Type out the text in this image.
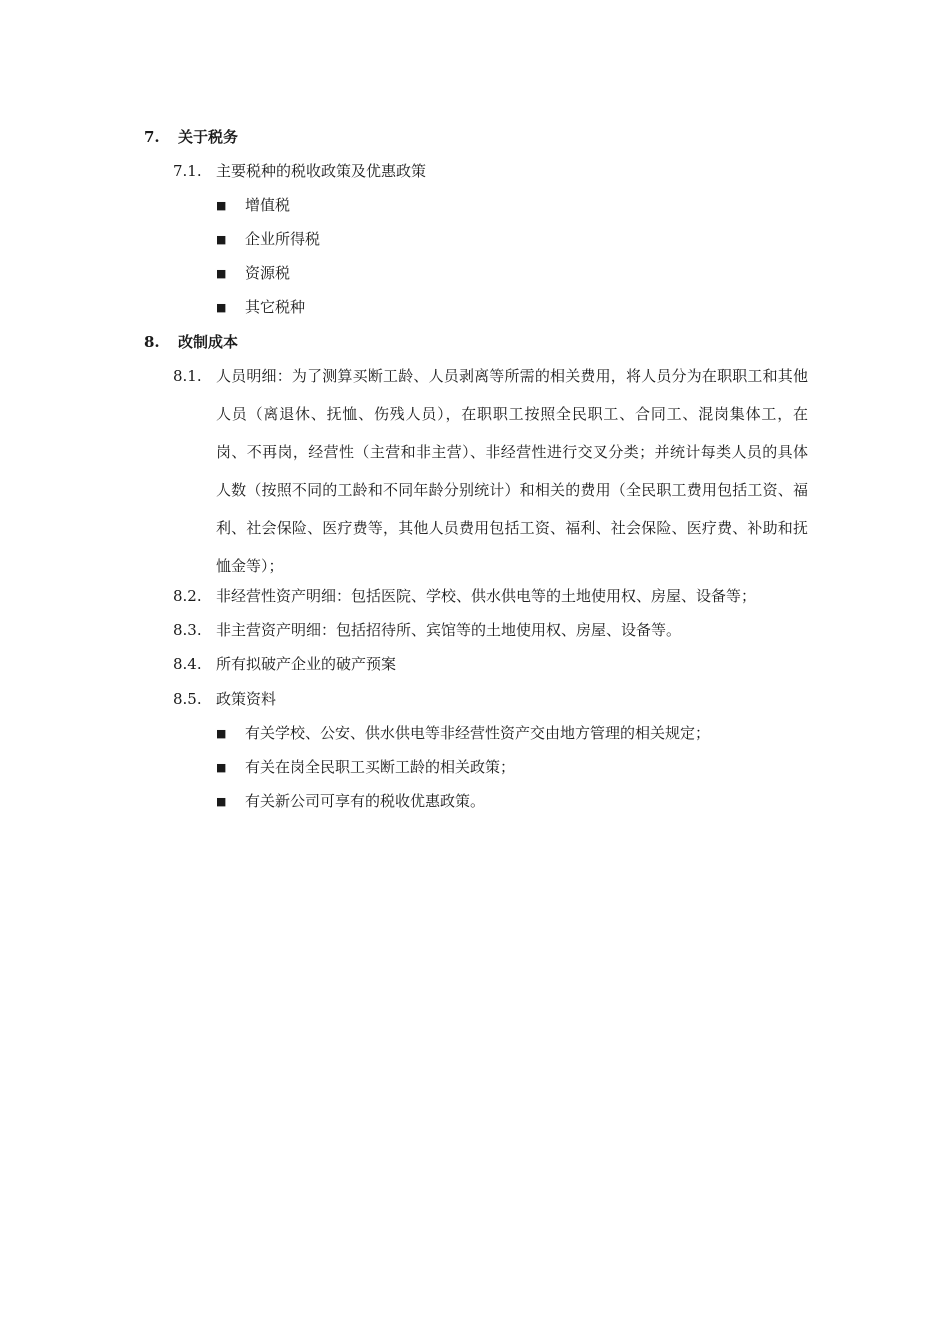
7. 关于税务
7.1. 主要税种的税收政策及优惠政策
■ 增值税
■ 企业所得税
■ 资源税
■ 其它税种
8. 改制成本
8.1. 人员明细：为了测算买断工龄、人员剥离等所需的相关费用，将人员分为在职职工和其他人员（离退休、抚恤、伤残人员），在职职工按照全民职工、合同工、混岗集体工，在岗、不再岗，经营性（主营和非主营）、非经营性进行交叉分类；并统计每类人员的具体人数（按照不同的工龄和不同年龄分别统计）和相关的费用（全民职工费用包括工资、福利、社会保险、医疗费等，其他人员费用包括工资、福利、社会保险、医疗费、补助和抚恤金等）；
8.2. 非经营性资产明细：包括医院、学校、供水供电等的土地使用权、房屋、设备等；
8.3. 非主营资产明细：包括招待所、宾馆等的土地使用权、房屋、设备等。
8.4. 所有拟破产企业的破产预案
8.5. 政策资料
■ 有关学校、公安、供水供电等非经营性资产交由地方管理的相关规定；
■ 有关在岗全民职工买断工龄的相关政策；
■ 有关新公司可享有的税收优惠政策。
